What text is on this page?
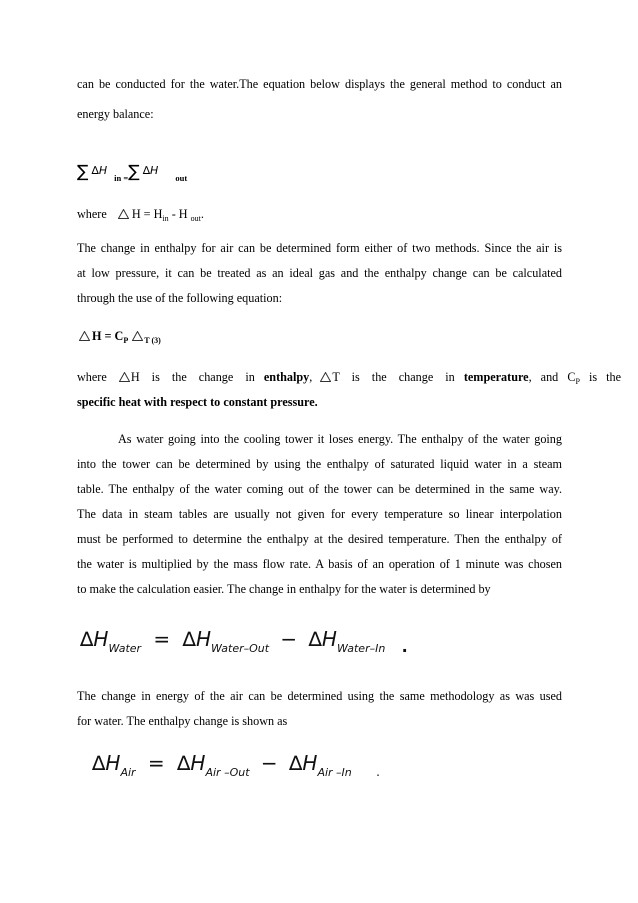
can be conducted for the water.The equation below displays the general method to conduct an
energy balance:
∑ ∆H $_{in =}$∑ ∆H $_{out}$
where $H = H_{in} - H$ $_{out}$.
The change in enthalpy for air can be determined form either of two methods. Since the air is
at low pressure, it can be treated as an ideal gas and the enthalpy change can be calculated
through the use of the following equation:
$H = C_P$ $_{T (3)}$
where H is the change in enthalpy, T is the change in temperature, and $C_P$ is the
specific heat with respect to constant pressure.
As water going into the cooling tower it loses energy. The enthalpy of the water going
into the tower can be determined by using the enthalpy of saturated liquid water in a steam
table. The enthalpy of the water coming out of the tower can be determined in the same way.
The data in steam tables are usually not given for every temperature so linear interpolation
must be performed to determine the enthalpy at the desired temperature. Then the enthalpy of
the water is multiplied by the mass flow rate. A basis of an operation of 1 minute was chosen
to make the calculation easier. The change in enthalpy for the water is determined by
$\Delta H_{Water} = \Delta H_{Water-Out} - \Delta H_{Water-In}$ $_.$
The change in energy of the air can be determined using the same methodology as was used
for water. The enthalpy change is shown as
$\Delta H_{Air} = \Delta H_{Air -Out} - \Delta H_{Air -In}$ $_.$
